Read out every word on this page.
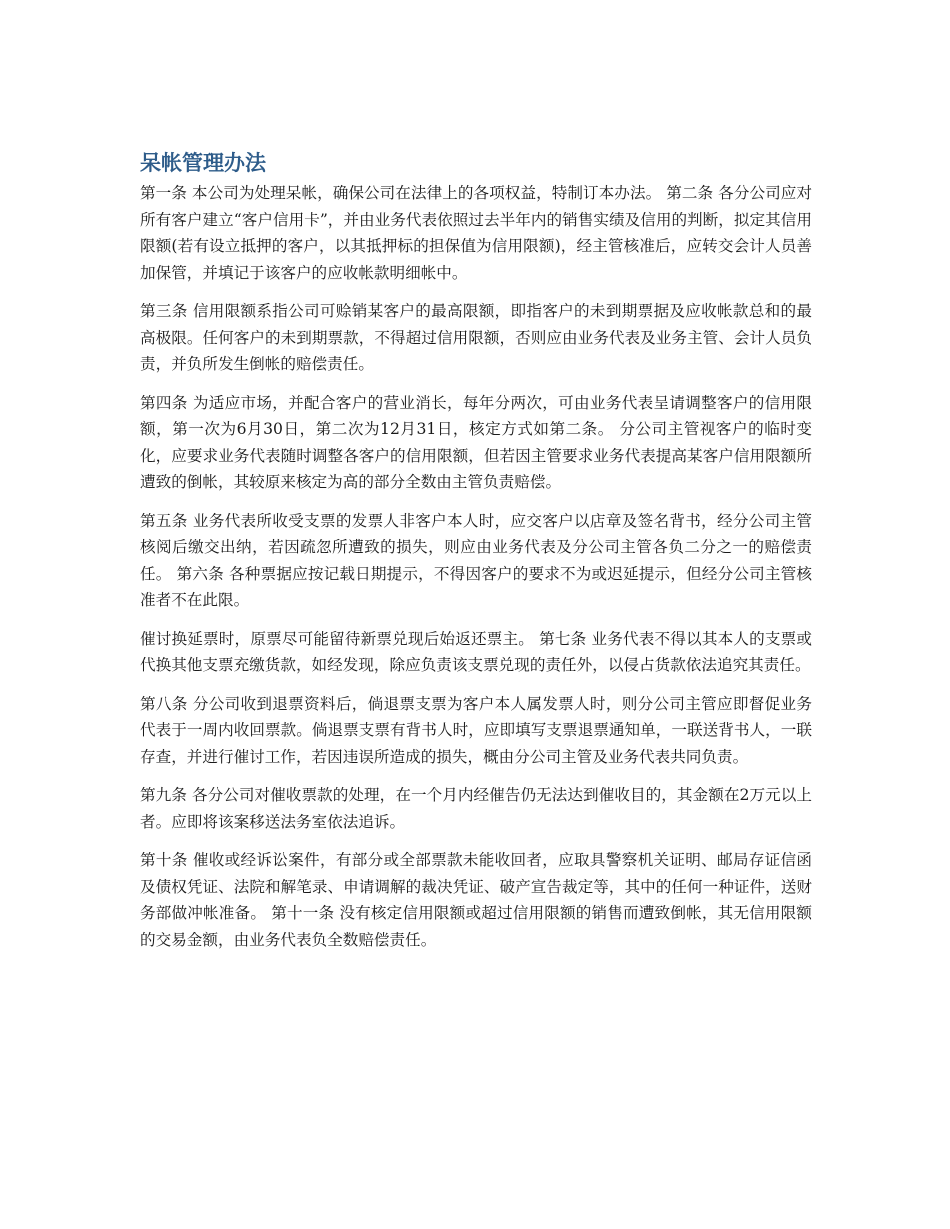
呆帐管理办法

第一条 本公司为处理呆帐，确保公司在法律上的各项权益，特制订本办法。 第二条 各分公司应对所有客户建立“客户信用卡”，并由业务代表依照过去半年内的销售实绩及信用的判断，拟定其信用限额(若有设立抵押的客户，以其抵押标的担保值为信用限额)，经主管核准后，应转交会计人员善加保管，并填记于该客户的应收帐款明细帐中。

第三条 信用限额系指公司可赊销某客户的最高限额，即指客户的未到期票据及应收帐款总和的最高极限。任何客户的未到期票款，不得超过信用限额，否则应由业务代表及业务主管、会计人员负责，并负所发生倒帐的赔偿责任。

第四条 为适应市场，并配合客户的营业消长，每年分两次，可由业务代表呈请调整客户的信用限额，第一次为6月30日，第二次为12月31日，核定方式如第二条。 分公司主管视客户的临时变化，应要求业务代表随时调整各客户的信用限额，但若因主管要求业务代表提高某客户信用限额所遭致的倒帐，其较原来核定为高的部分全数由主管负责赔偿。

第五条 业务代表所收受支票的发票人非客户本人时，应交客户以店章及签名背书，经分公司主管核阅后缴交出纳，若因疏忽所遭致的损失，则应由业务代表及分公司主管各负二分之一的赔偿责任。 第六条 各种票据应按记载日期提示，不得因客户的要求不为或迟延提示，但经分公司主管核准者不在此限。

催讨换延票时，原票尽可能留待新票兑现后始返还票主。 第七条 业务代表不得以其本人的支票或代换其他支票充缴货款，如经发现，除应负责该支票兑现的责任外，以侵占货款依法追究其责任。

第八条 分公司收到退票资料后，倘退票支票为客户本人属发票人时，则分公司主管应即督促业务代表于一周内收回票款。倘退票支票有背书人时，应即填写支票退票通知单，一联送背书人，一联存查，并进行催讨工作，若因违误所造成的损失，概由分公司主管及业务代表共同负责。

第九条 各分公司对催收票款的处理，在一个月内经催告仍无法达到催收目的，其金额在2万元以上者。应即将该案移送法务室依法追诉。

第十条 催收或经诉讼案件，有部分或全部票款未能收回者，应取具警察机关证明、邮局存证信函及债权凭证、法院和解笔录、申请调解的裁决凭证、破产宣告裁定等，其中的任何一种证件，送财务部做冲帐准备。 第十一条 没有核定信用限额或超过信用限额的销售而遭致倒帐，其无信用限额的交易金额，由业务代表负全数赔偿责任。
